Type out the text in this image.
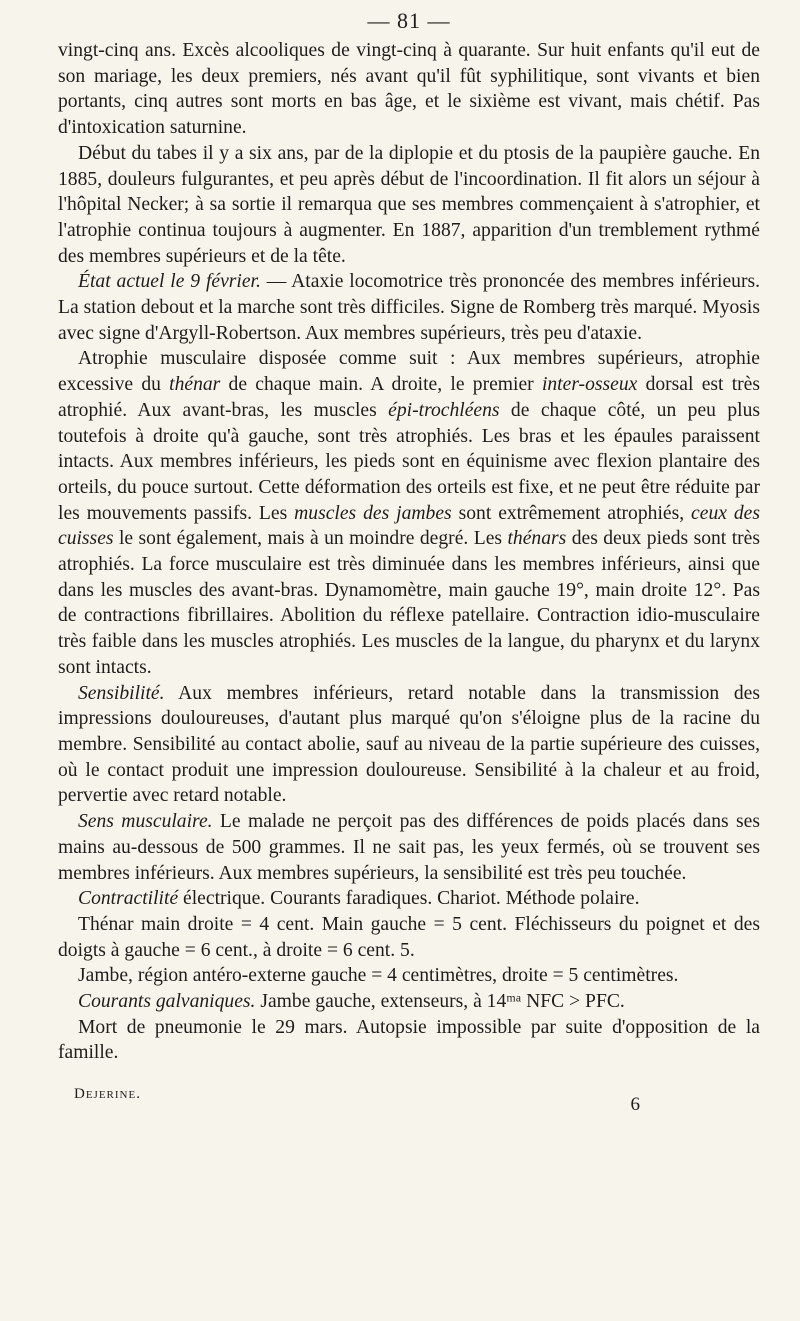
— 81 —

vingt-cinq ans. Excès alcooliques de vingt-cinq à quarante. Sur huit enfants qu'il eut de son mariage, les deux premiers, nés avant qu'il fût syphilitique, sont vivants et bien portants, cinq autres sont morts en bas âge, et le sixième est vivant, mais chétif. Pas d'intoxication saturnine.

Début du tabes il y a six ans, par de la diplopie et du ptosis de la paupière gauche. En 1885, douleurs fulgurantes, et peu après début de l'incoordination. Il fit alors un séjour à l'hôpital Necker; à sa sortie il remarqua que ses membres commençaient à s'atrophier, et l'atrophie continua toujours à augmenter. En 1887, apparition d'un tremblement rythmé des membres supérieurs et de la tête.

État actuel le 9 février. — Ataxie locomotrice très prononcée des membres inférieurs. La station debout et la marche sont très difficiles. Signe de Romberg très marqué. Myosis avec signe d'Argyll-Robertson. Aux membres supérieurs, très peu d'ataxie.

Atrophie musculaire disposée comme suit : Aux membres supérieurs, atrophie excessive du thénar de chaque main. A droite, le premier inter-osseux dorsal est très atrophié. Aux avant-bras, les muscles épi-trochléens de chaque côté, un peu plus toutefois à droite qu'à gauche, sont très atrophiés. Les bras et les épaules paraissent intacts. Aux membres inférieurs, les pieds sont en équinisme avec flexion plantaire des orteils, du pouce surtout. Cette déformation des orteils est fixe, et ne peut être réduite par les mouvements passifs. Les muscles des jambes sont extrêmement atrophiés, ceux des cuisses le sont également, mais à un moindre degré. Les thénars des deux pieds sont très atrophiés. La force musculaire est très diminuée dans les membres inférieurs, ainsi que dans les muscles des avant-bras. Dynamomètre, main gauche 19°, main droite 12°. Pas de contractions fibrillaires. Abolition du réflexe patellaire. Contraction idio-musculaire très faible dans les muscles atrophiés. Les muscles de la langue, du pharynx et du larynx sont intacts.

Sensibilité. Aux membres inférieurs, retard notable dans la transmission des impressions douloureuses, d'autant plus marqué qu'on s'éloigne plus de la racine du membre. Sensibilité au contact abolie, sauf au niveau de la partie supérieure des cuisses, où le contact produit une impression douloureuse. Sensibilité à la chaleur et au froid, pervertie avec retard notable.

Sens musculaire. Le malade ne perçoit pas des différences de poids placés dans ses mains au-dessous de 500 grammes. Il ne sait pas, les yeux fermés, où se trouvent ses membres inférieurs. Aux membres supérieurs, la sensibilité est très peu touchée.

Contractilité électrique. Courants faradiques. Chariot. Méthode polaire.

Thénar main droite = 4 cent. Main gauche = 5 cent. Fléchisseurs du poignet et des doigts à gauche = 6 cent., à droite = 6 cent. 5.

Jambe, région antéro-externe gauche = 4 centimètres, droite = 5 centimètres.

Courants galvaniques. Jambe gauche, extenseurs, à 14ᵐᵃ NFC > PFC.

Mort de pneumonie le 29 mars. Autopsie impossible par suite d'opposition de la famille.

Dejerine.	6
